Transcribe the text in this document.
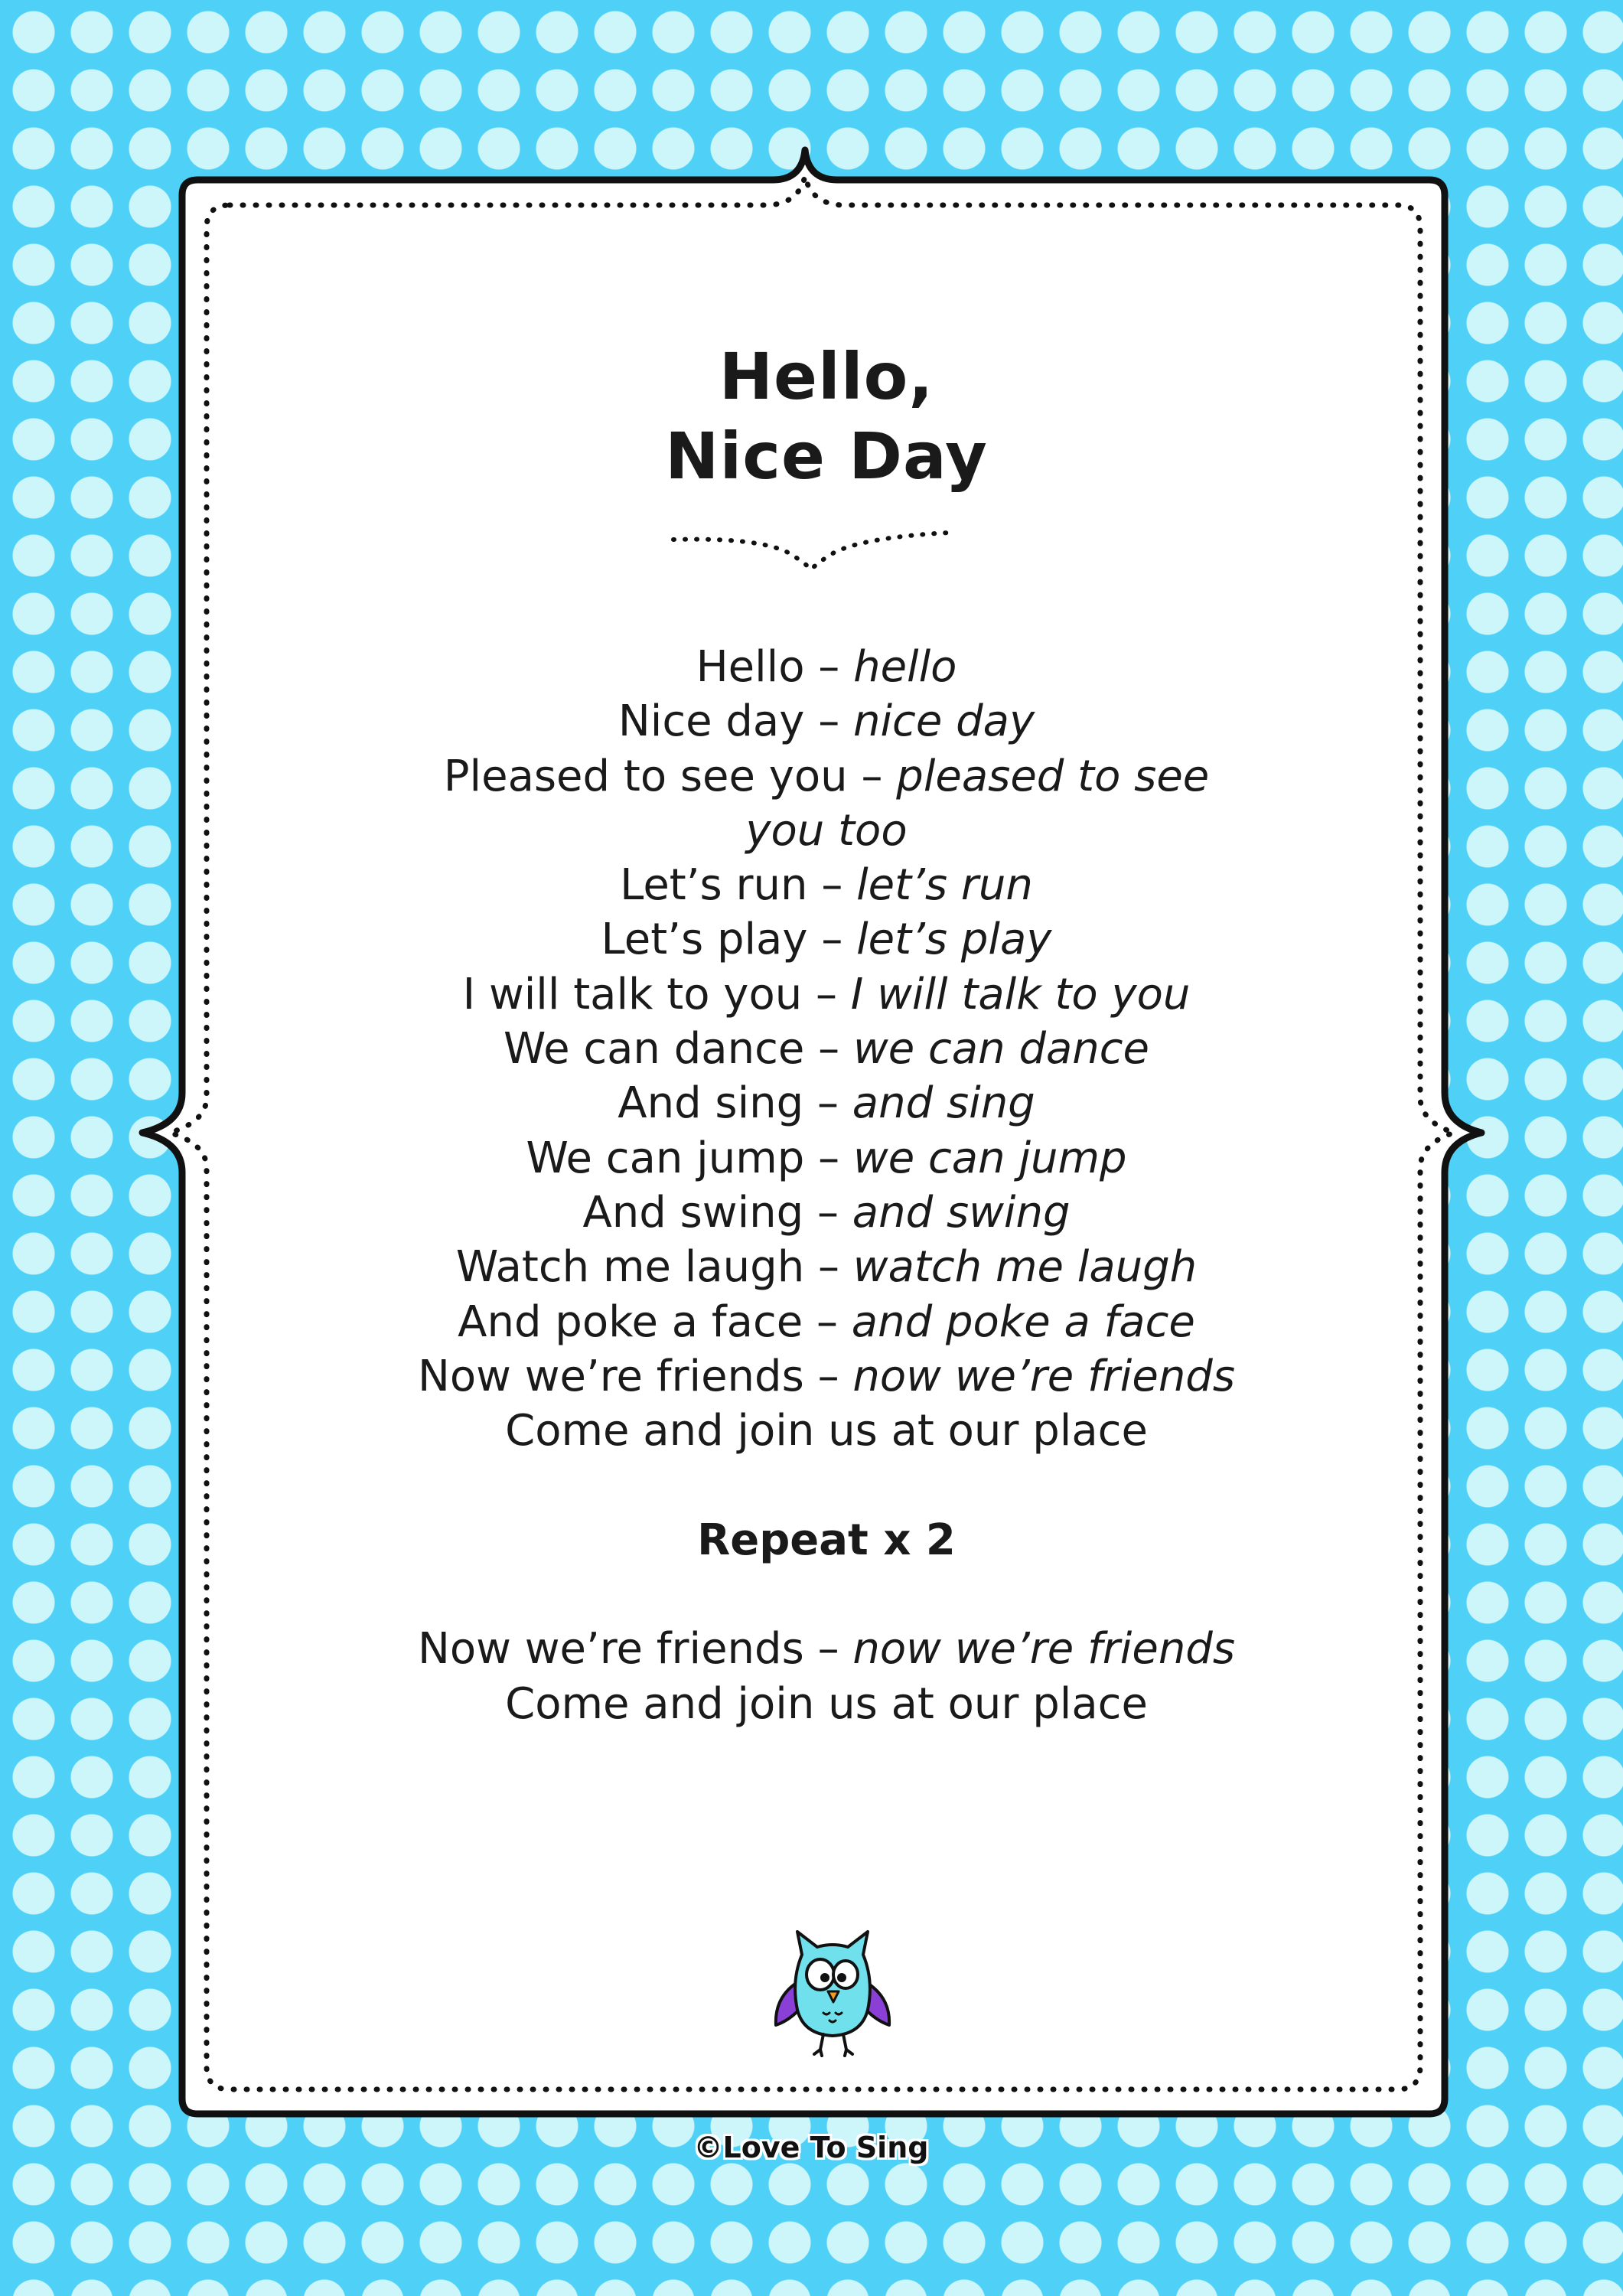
Hello,
Nice Day
Hello – hello
Nice day – nice day
Pleased to see you – pleased to see you too
Let’s run – let’s run
Let’s play – let’s play
I will talk to you – I will talk to you
We can dance – we can dance
And sing – and sing
We can jump – we can jump
And swing – and swing
Watch me laugh – watch me laugh
And poke a face – and poke a face
Now we’re friends – now we’re friends
Come and join us at our place
Repeat x 2
Now we’re friends – now we’re friends
Come and join us at our place
©Love To Sing
